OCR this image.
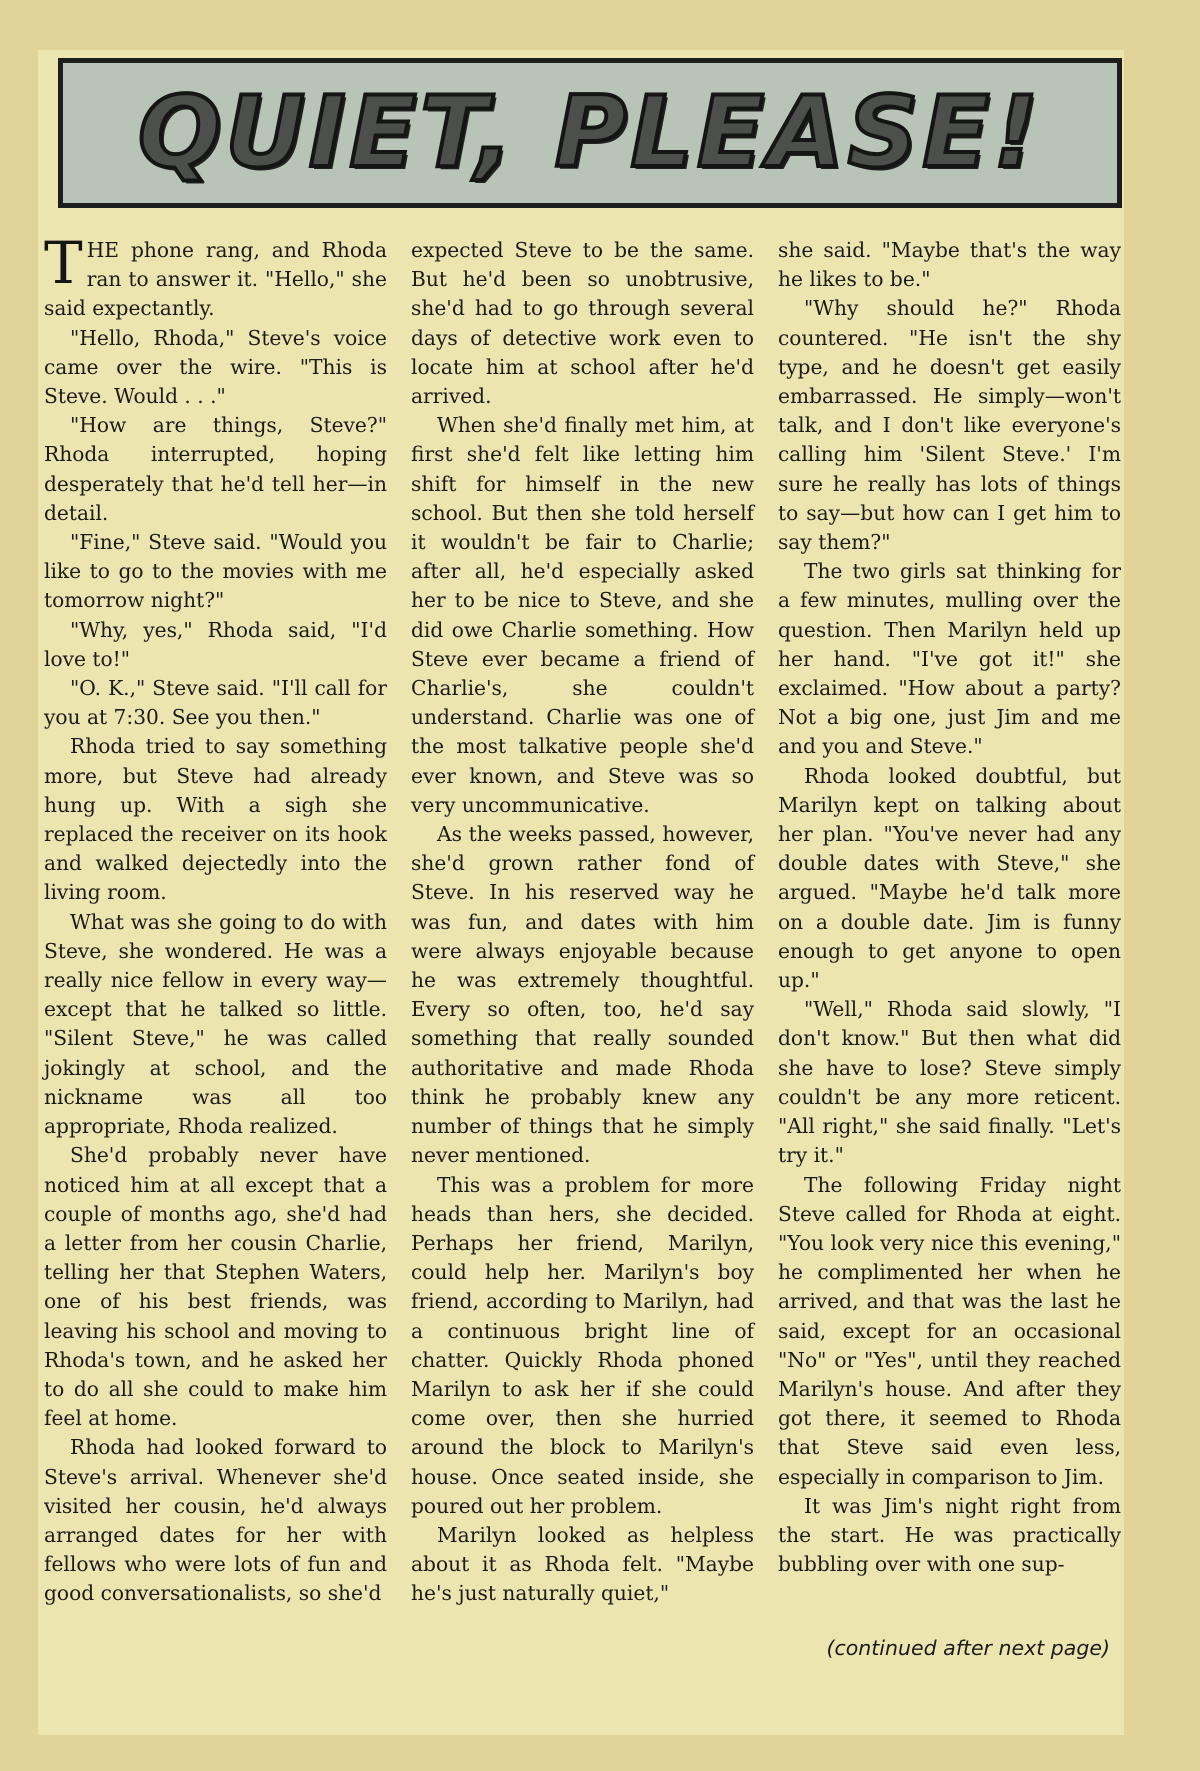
QUIET, PLEASE!

THE phone rang, and Rhoda ran to answer it. "Hello," she said expectantly.

"Hello, Rhoda," Steve's voice came over the wire. "This is Steve. Would . . ."

"How are things, Steve?" Rhoda interrupted, hoping desperately that he'd tell her—in detail.

"Fine," Steve said. "Would you like to go to the movies with me tomorrow night?"

"Why, yes," Rhoda said, "I'd love to!"

"O. K.," Steve said. "I'll call for you at 7:30. See you then."

Rhoda tried to say something more, but Steve had already hung up. With a sigh she replaced the receiver on its hook and walked dejectedly into the living room.

What was she going to do with Steve, she wondered. He was a really nice fellow in every way—except that he talked so little. "Silent Steve," he was called jokingly at school, and the nickname was all too appropriate, Rhoda realized.

She'd probably never have noticed him at all except that a couple of months ago, she'd had a letter from her cousin Charlie, telling her that Stephen Waters, one of his best friends, was leaving his school and moving to Rhoda's town, and he asked her to do all she could to make him feel at home.

Rhoda had looked forward to Steve's arrival. Whenever she'd visited her cousin, he'd always arranged dates for her with fellows who were lots of fun and good conversationalists, so she'd

expected Steve to be the same. But he'd been so unobtrusive, she'd had to go through several days of detective work even to locate him at school after he'd arrived.

When she'd finally met him, at first she'd felt like letting him shift for himself in the new school. But then she told herself it wouldn't be fair to Charlie; after all, he'd especially asked her to be nice to Steve, and she did owe Charlie something. How Steve ever became a friend of Charlie's, she couldn't understand. Charlie was one of the most talkative people she'd ever known, and Steve was so very uncommunicative.

As the weeks passed, however, she'd grown rather fond of Steve. In his reserved way he was fun, and dates with him were always enjoyable because he was extremely thoughtful. Every so often, too, he'd say something that really sounded authoritative and made Rhoda think he probably knew any number of things that he simply never mentioned.

This was a problem for more heads than hers, she decided. Perhaps her friend, Marilyn, could help her. Marilyn's boy friend, according to Marilyn, had a continuous bright line of chatter. Quickly Rhoda phoned Marilyn to ask her if she could come over, then she hurried around the block to Marilyn's house. Once seated inside, she poured out her problem.

Marilyn looked as helpless about it as Rhoda felt. "Maybe he's just naturally quiet,"

she said. "Maybe that's the way he likes to be."

"Why should he?" Rhoda countered. "He isn't the shy type, and he doesn't get easily embarrassed. He simply—won't talk, and I don't like everyone's calling him 'Silent Steve.' I'm sure he really has lots of things to say—but how can I get him to say them?"

The two girls sat thinking for a few minutes, mulling over the question. Then Marilyn held up her hand. "I've got it!" she exclaimed. "How about a party? Not a big one, just Jim and me and you and Steve."

Rhoda looked doubtful, but Marilyn kept on talking about her plan. "You've never had any double dates with Steve," she argued. "Maybe he'd talk more on a double date. Jim is funny enough to get anyone to open up."

"Well," Rhoda said slowly, "I don't know." But then what did she have to lose? Steve simply couldn't be any more reticent. "All right," she said finally. "Let's try it."

The following Friday night Steve called for Rhoda at eight. "You look very nice this evening," he complimented her when he arrived, and that was the last he said, except for an occasional "No" or "Yes", until they reached Marilyn's house. And after they got there, it seemed to Rhoda that Steve said even less, especially in comparison to Jim.

It was Jim's night right from the start. He was practically bubbling over with one sup-

(continued after next page)
